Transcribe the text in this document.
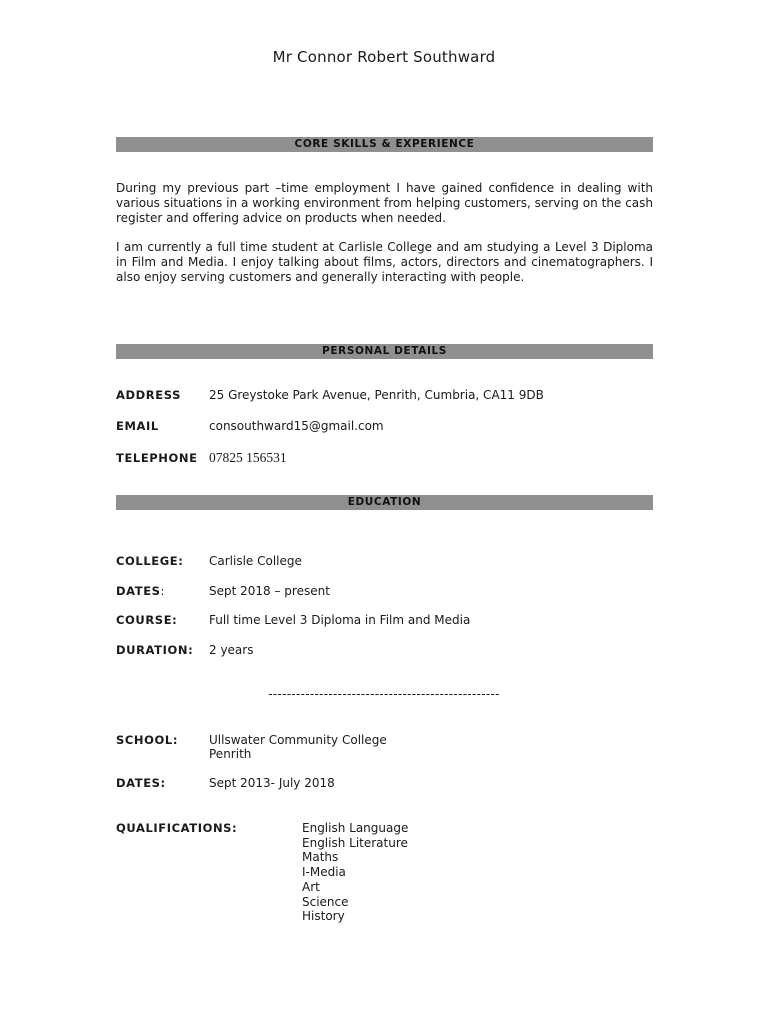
Mr Connor Robert Southward
CORE SKILLS & EXPERIENCE

During my previous part –time employment I have gained confidence in dealing with various situations in a working environment from helping customers, serving on the cash register and offering advice on products when needed.

I am currently a full time student at Carlisle College and am studying a Level 3 Diploma in Film and Media. I enjoy talking about films, actors, directors and cinematographers. I also enjoy serving customers and generally interacting with people.

PERSONAL DETAILS
ADDRESS 25 Greystoke Park Avenue, Penrith, Cumbria, CA11 9DB
EMAIL	consouthward15@gmail.com
TELEPHONE 07825 156531
EDUCATION
COLLEGE: Carlisle College
DATES:	Sept 2018 – present
COURSE:	Full time Level 3 Diploma in Film and Media
DURATION: 2 years
--------------------------------------------------
SCHOOL:	Ullswater Community College
Penrith
DATES:	Sept 2013- July 2018
QUALIFICATIONS:	English Language
English Literature
Maths
I-Media
Art
Science
History
